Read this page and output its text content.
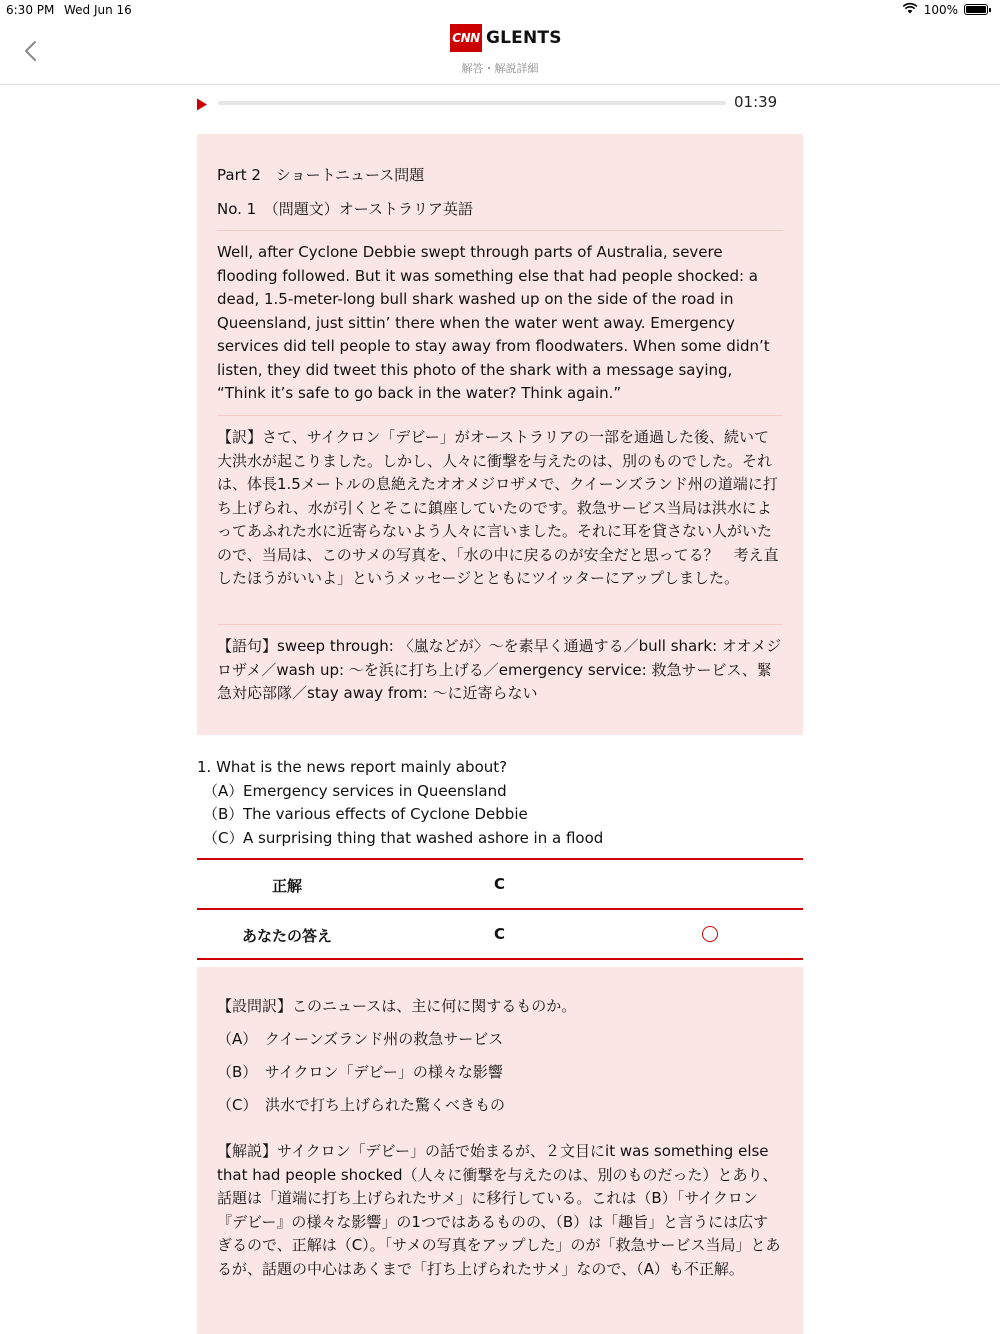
6:30 PM Wed Jun 16	100%
CNN GLENTS
解答・解説詳細
01:39
Part 2　ショートニュース問題
No. 1　（問題文）オーストラリア英語
Well, after Cyclone Debbie swept through parts of Australia, severe flooding followed. But it was something else that had people shocked: a dead, 1.5-meter-long bull shark washed up on the side of the road in Queensland, just sittin’ there when the water went away. Emergency services did tell people to stay away from floodwaters. When some didn’t listen, they did tweet this photo of the shark with a message saying, “Think it’s safe to go back in the water? Think again.”
【訳】さて、サイクロン「デビー」がオーストラリアの一部を通過した後、続いて大洪水が起こりました。しかし、人々に衝撃を与えたのは、別のものでした。それは、体長1.5メートルの息絶えたオオメジロザメで、クイーンズランド州の道端に打ち上げられ、水が引くとそこに鎮座していたのです。救急サービス当局は洪水によってあふれた水に近寄らないよう人々に言いました。それに耳を貸さない人がいたので、当局は、このサメの写真を、「水の中に戻るのが安全だと思ってる？　考え直したほうがいいよ」というメッセージとともにツイッターにアップしました。
【語句】sweep through: 〈嵐などが〉〜を素早く通過する／bull shark: オオメジロザメ／wash up: 〜を浜に打ち上げる／emergency service: 救急サービス、緊急対応部隊／stay away from: 〜に近寄らない
1. What is the news report mainly about?
（A） Emergency services in Queensland
（B） The various effects of Cyclone Debbie
（C） A surprising thing that washed ashore in a flood
正解	C
あなたの答え	C
【設問訳】このニュースは、主に何に関するものか。
（A）　クイーンズランド州の救急サービス
（B）　サイクロン「デビー」の様々な影響
（C）　洪水で打ち上げられた驚くべきもの
【解説】サイクロン「デビー」の話で始まるが、２文目にit was something else that had people shocked（人々に衝撃を与えたのは、別のものだった）とあり、話題は「道端に打ち上げられたサメ」に移行している。これは（B）「サイクロン『デビー』の様々な影響」の1つではあるものの、（B）は「趣旨」と言うには広すぎるので、正解は（C）。「サメの写真をアップした」のが「救急サービス当局」とあるが、話題の中心はあくまで「打ち上げられたサメ」なので、（A）も不正解。
